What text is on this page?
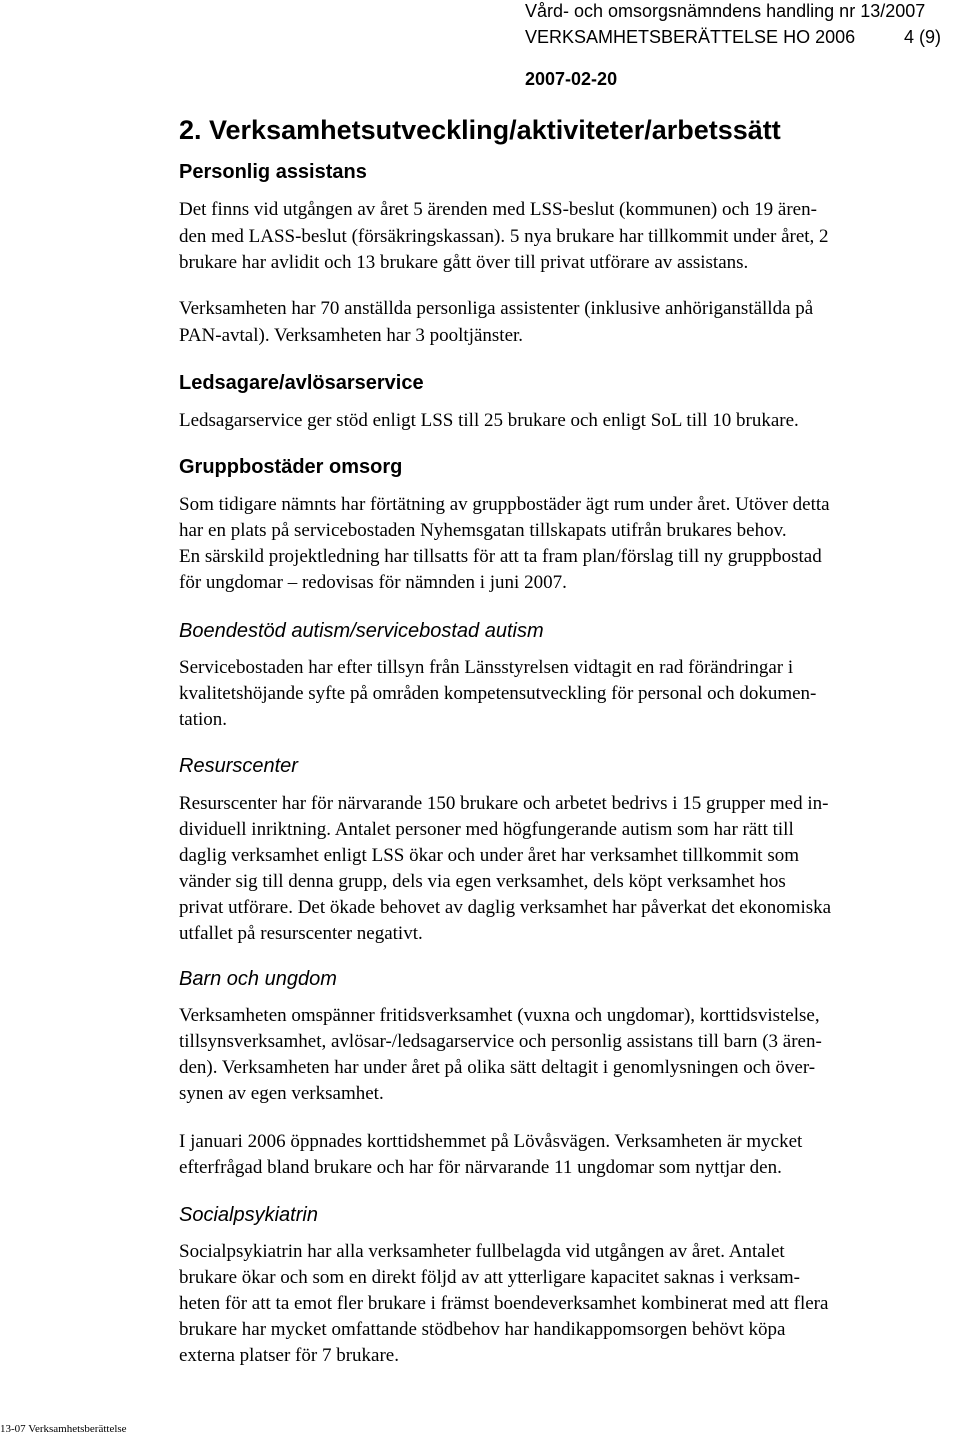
Vård- och omsorgsnämndens handling nr 13/2007
VERKSAMHETSBERÄTTELSE HO 2006	4 (9)
2007-02-20
2. Verksamhetsutveckling/aktiviteter/arbetssätt
Personlig assistans
Det finns vid utgången av året 5 ärenden med LSS-beslut (kommunen) och 19 ären-
den med LASS-beslut (försäkringskassan). 5 nya brukare har tillkommit under året, 2
brukare har avlidit och 13 brukare gått över till privat utförare av assistans.
Verksamheten har 70 anställda personliga assistenter (inklusive anhöriganställda på
PAN-avtal). Verksamheten har 3 pooltjänster.
Ledsagare/avlösarservice
Ledsagarservice ger stöd enligt LSS till 25 brukare och enligt SoL till 10 brukare.
Gruppbostäder omsorg
Som tidigare nämnts har förtätning av gruppbostäder ägt rum under året. Utöver detta
har en plats på servicebostaden Nyhemsgatan tillskapats utifrån brukares behov.
En särskild projektledning har tillsatts för att ta fram plan/förslag till ny gruppbostad
för ungdomar – redovisas för nämnden i juni 2007.
Boendestöd autism/servicebostad autism
Servicebostaden har efter tillsyn från Länsstyrelsen vidtagit en rad förändringar i
kvalitetshöjande syfte på områden kompetensutveckling för personal och dokumen-
tation.
Resurscenter
Resurscenter har för närvarande 150 brukare och arbetet bedrivs i 15 grupper med in-
dividuell inriktning. Antalet personer med högfungerande autism som har rätt till
daglig verksamhet enligt LSS ökar och under året har verksamhet tillkommit som
vänder sig till denna grupp, dels via egen verksamhet, dels köpt verksamhet hos
privat utförare. Det ökade behovet av daglig verksamhet har påverkat det ekonomiska
utfallet på resurscenter negativt.
Barn och ungdom
Verksamheten omspänner fritidsverksamhet (vuxna och ungdomar), korttidsvistelse,
tillsynsverksamhet, avlösar-/ledsagarservice och personlig assistans till barn (3 ären-
den). Verksamheten har under året på olika sätt deltagit i genomlysningen och över-
synen av egen verksamhet.
I januari 2006 öppnades korttidshemmet på Lövåsvägen. Verksamheten är mycket
efterfrågad bland brukare och har för närvarande 11 ungdomar som nyttjar den.
Socialpsykiatrin
Socialpsykiatrin har alla verksamheter fullbelagda vid utgången av året. Antalet
brukare ökar och som en direkt följd av att ytterligare kapacitet saknas i verksam-
heten för att ta emot fler brukare i främst boendeverksamhet kombinerat med att flera
brukare har mycket omfattande stödbehov har handikappomsorgen behövt köpa
externa platser för 7 brukare.
13-07 Verksamhetsberättelse
